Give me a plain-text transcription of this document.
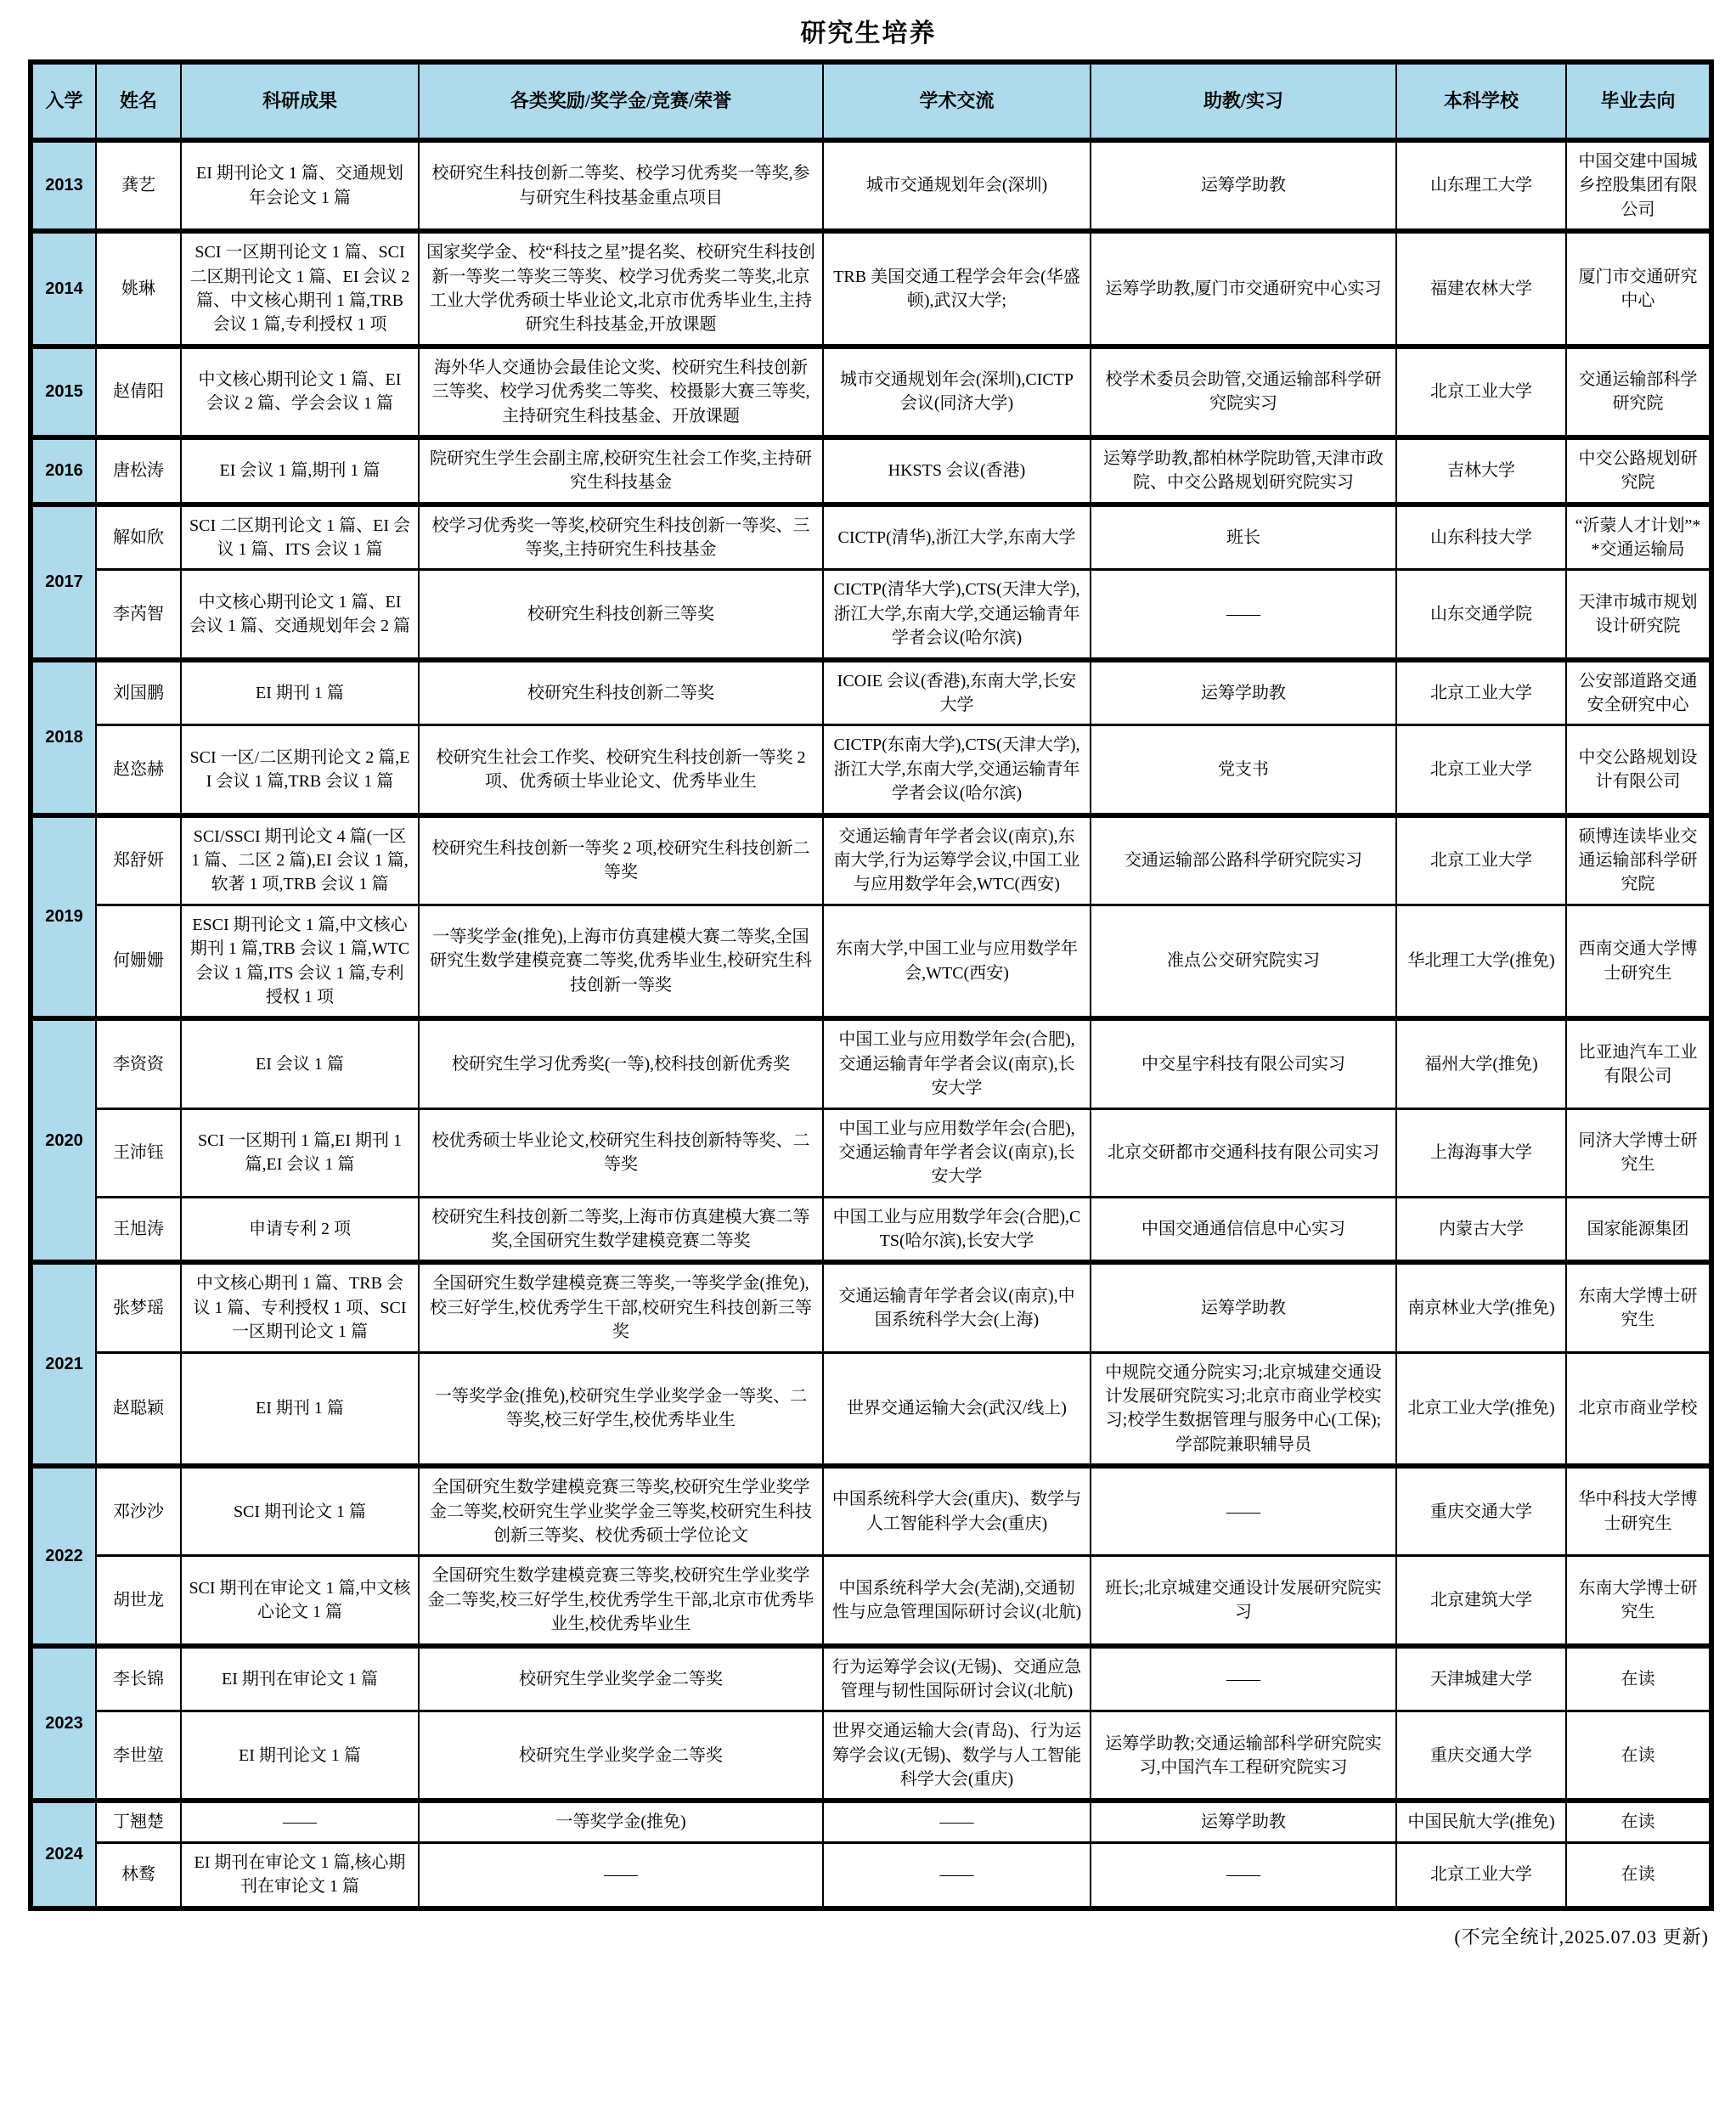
研究生培养
入学	姓名	科研成果	各类奖励/奖学金/竞赛/荣誉	学术交流	助教/实习	本科学校	毕业去向
2013	龚艺	EI 期刊论文 1 篇、交通规划年会论文 1 篇	校研究生科技创新二等奖、校学习优秀奖一等奖,参与研究生科技基金重点项目	城市交通规划年会(深圳)	运筹学助教	山东理工大学	中国交建中国城乡控股集团有限公司
2014	姚琳	SCI 一区期刊论文 1 篇、SCI 二区期刊论文 1 篇、EI 会议 2 篇、中文核心期刊 1 篇,TRB 会议 1 篇,专利授权 1 项	国家奖学金、校“科技之星”提名奖、校研究生科技创新一等奖二等奖三等奖、校学习优秀奖二等奖,北京工业大学优秀硕士毕业论文,北京市优秀毕业生,主持研究生科技基金,开放课题	TRB 美国交通工程学会年会(华盛顿),武汉大学;	运筹学助教,厦门市交通研究中心实习	福建农林大学	厦门市交通研究中心
2015	赵倩阳	中文核心期刊论文 1 篇、EI 会议 2 篇、学会会议 1 篇	海外华人交通协会最佳论文奖、校研究生科技创新三等奖、校学习优秀奖二等奖、校摄影大赛三等奖,主持研究生科技基金、开放课题	城市交通规划年会(深圳),CICTP 会议(同济大学)	校学术委员会助管,交通运输部科学研究院实习	北京工业大学	交通运输部科学研究院
2016	唐松涛	EI 会议 1 篇,期刊 1 篇	院研究生学生会副主席,校研究生社会工作奖,主持研究生科技基金	HKSTS 会议(香港)	运筹学助教,都柏林学院助管,天津市政院、中交公路规划研究院实习	吉林大学	中交公路规划研究院
2017	解如欣	SCI 二区期刊论文 1 篇、EI 会议 1 篇、ITS 会议 1 篇	校学习优秀奖一等奖,校研究生科技创新一等奖、三等奖,主持研究生科技基金	CICTP(清华),浙江大学,东南大学	班长	山东科技大学	“沂蒙人才计划”**交通运输局
	李芮智	中文核心期刊论文 1 篇、EI 会议 1 篇、交通规划年会 2 篇	校研究生科技创新三等奖	CICTP(清华大学),CTS(天津大学),浙江大学,东南大学,交通运输青年学者会议(哈尔滨)	——	山东交通学院	天津市城市规划设计研究院
2018	刘国鹏	EI 期刊 1 篇	校研究生科技创新二等奖	ICOIE 会议(香港),东南大学,长安大学	运筹学助教	北京工业大学	公安部道路交通安全研究中心
	赵恣赫	SCI 一区/二区期刊论文 2 篇,EI 会议 1 篇,TRB 会议 1 篇	校研究生社会工作奖、校研究生科技创新一等奖 2 项、优秀硕士毕业论文、优秀毕业生	CICTP(东南大学),CTS(天津大学),浙江大学,东南大学,交通运输青年学者会议(哈尔滨)	党支书	北京工业大学	中交公路规划设计有限公司
2019	郑舒妍	SCI/SSCI 期刊论文 4 篇(一区 1 篇、二区 2 篇),EI 会议 1 篇,软著 1 项,TRB 会议 1 篇	校研究生科技创新一等奖 2 项,校研究生科技创新二等奖	交通运输青年学者会议(南京),东南大学,行为运筹学会议,中国工业与应用数学年会,WTC(西安)	交通运输部公路科学研究院实习	北京工业大学	硕博连读毕业交通运输部科学研究院
	何姗姗	ESCI 期刊论文 1 篇,中文核心期刊 1 篇,TRB 会议 1 篇,WTC 会议 1 篇,ITS 会议 1 篇,专利授权 1 项	一等奖学金(推免),上海市仿真建模大赛二等奖,全国研究生数学建模竞赛二等奖,优秀毕业生,校研究生科技创新一等奖	东南大学,中国工业与应用数学年会,WTC(西安)	准点公交研究院实习	华北理工大学(推免)	西南交通大学博士研究生
2020	李资资	EI 会议 1 篇	校研究生学习优秀奖(一等),校科技创新优秀奖	中国工业与应用数学年会(合肥),交通运输青年学者会议(南京),长安大学	中交星宇科技有限公司实习	福州大学(推免)	比亚迪汽车工业有限公司
	王沛钰	SCI 一区期刊 1 篇,EI 期刊 1 篇,EI 会议 1 篇	校优秀硕士毕业论文,校研究生科技创新特等奖、二等奖	中国工业与应用数学年会(合肥),交通运输青年学者会议(南京),长安大学	北京交研都市交通科技有限公司实习	上海海事大学	同济大学博士研究生
	王旭涛	申请专利 2 项	校研究生科技创新二等奖,上海市仿真建模大赛二等奖,全国研究生数学建模竞赛二等奖	中国工业与应用数学年会(合肥),CTS(哈尔滨),长安大学	中国交通通信信息中心实习	内蒙古大学	国家能源集团
2021	张梦瑶	中文核心期刊 1 篇、TRB 会议 1 篇、专利授权 1 项、SCI 一区期刊论文 1 篇	全国研究生数学建模竞赛三等奖,一等奖学金(推免),校三好学生,校优秀学生干部,校研究生科技创新三等奖	交通运输青年学者会议(南京),中国系统科学大会(上海)	运筹学助教	南京林业大学(推免)	东南大学博士研究生
	赵聪颖	EI 期刊 1 篇	一等奖学金(推免),校研究生学业奖学金一等奖、二等奖,校三好学生,校优秀毕业生	世界交通运输大会(武汉/线上)	中规院交通分院实习;北京城建交通设计发展研究院实习;北京市商业学校实习;校学生数据管理与服务中心(工保);学部院兼职辅导员	北京工业大学(推免)	北京市商业学校
2022	邓沙沙	SCI 期刊论文 1 篇	全国研究生数学建模竞赛三等奖,校研究生学业奖学金二等奖,校研究生学业奖学金三等奖,校研究生科技创新三等奖、校优秀硕士学位论文	中国系统科学大会(重庆)、数学与人工智能科学大会(重庆)	——	重庆交通大学	华中科技大学博士研究生
	胡世龙	SCI 期刊在审论文 1 篇,中文核心论文 1 篇	全国研究生数学建模竞赛三等奖,校研究生学业奖学金二等奖,校三好学生,校优秀学生干部,北京市优秀毕业生,校优秀毕业生	中国系统科学大会(芜湖),交通韧性与应急管理国际研讨会议(北航)	班长;北京城建交通设计发展研究院实习	北京建筑大学	东南大学博士研究生
2023	李长锦	EI 期刊在审论文 1 篇	校研究生学业奖学金二等奖	行为运筹学会议(无锡)、交通应急管理与韧性国际研讨会议(北航)	——	天津城建大学	在读
	李世堃	EI 期刊论文 1 篇	校研究生学业奖学金二等奖	世界交通运输大会(青岛)、行为运筹学会议(无锡)、数学与人工智能科学大会(重庆)	运筹学助教;交通运输部科学研究院实习,中国汽车工程研究院实习	重庆交通大学	在读
2024	丁翘楚	——	一等奖学金(推免)	——	运筹学助教	中国民航大学(推免)	在读
	林鹜	EI 期刊在审论文 1 篇,核心期刊在审论文 1 篇	——	——	——	北京工业大学	在读
(不完全统计,2025.07.03 更新)
